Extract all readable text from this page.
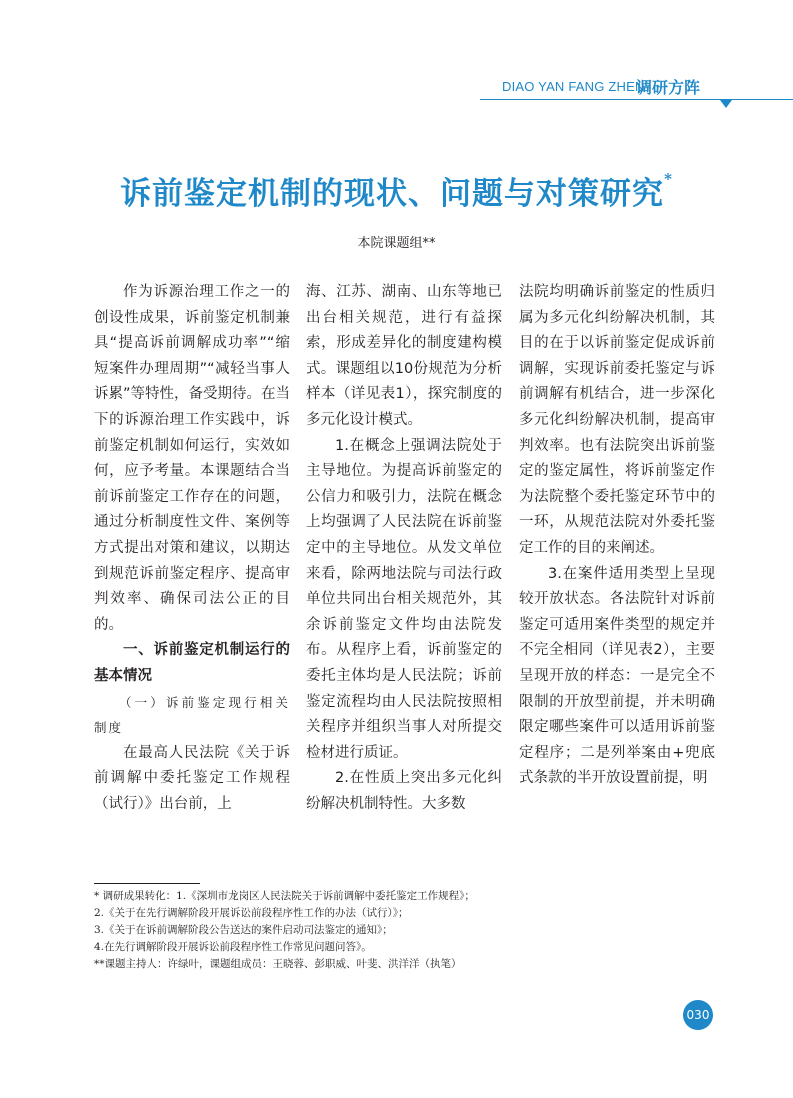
DIAO YAN FANG ZHEN
调研方阵
诉前鉴定机制的现状、问题与对策研究*
本院课题组**

作为诉源治理工作之一的创设性成果，诉前鉴定机制兼具“提高诉前调解成功率”“缩短案件办理周期”“减轻当事人诉累”等特性，备受期待。在当下的诉源治理工作实践中，诉前鉴定机制如何运行，实效如何，应予考量。本课题结合当前诉前鉴定工作存在的问题，通过分析制度性文件、案例等方式提出对策和建议，以期达到规范诉前鉴定程序、提高审判效率、确保司法公正的目的。

一、诉前鉴定机制运行的基本情况

（一）诉前鉴定现行相关制度

在最高人民法院《关于诉前调解中委托鉴定工作规程（试行）》出台前，上

海、江苏、湖南、山东等地已出台相关规范，进行有益探索，形成差异化的制度建构模式。课题组以10份规范为分析样本（详见表1），探究制度的多元化设计模式。

1.在概念上强调法院处于主导地位。为提高诉前鉴定的公信力和吸引力，法院在概念上均强调了人民法院在诉前鉴定中的主导地位。从发文单位来看，除两地法院与司法行政单位共同出台相关规范外，其余诉前鉴定文件均由法院发布。从程序上看，诉前鉴定的委托主体均是人民法院；诉前鉴定流程均由人民法院按照相关程序并组织当事人对所提交检材进行质证。

2.在性质上突出多元化纠纷解决机制特性。大多数

法院均明确诉前鉴定的性质归属为多元化纠纷解决机制，其目的在于以诉前鉴定促成诉前调解，实现诉前委托鉴定与诉前调解有机结合，进一步深化多元化纠纷解决机制，提高审判效率。也有法院突出诉前鉴定的鉴定属性，将诉前鉴定作为法院整个委托鉴定环节中的一环，从规范法院对外委托鉴定工作的目的来阐述。

3.在案件适用类型上呈现较开放状态。各法院针对诉前鉴定可适用案件类型的规定并不完全相同（详见表2），主要呈现开放的样态：一是完全不限制的开放型前提，并未明确限定哪些案件可以适用诉前鉴定程序；二是列举案由+兜底式条款的半开放设置前提，明

* 调研成果转化：1.《深圳市龙岗区人民法院关于诉前调解中委托鉴定工作规程》；
2.《关于在先行调解阶段开展诉讼前段程序性工作的办法（试行）》；
3.《关于在诉前调解阶段公告送达的案件启动司法鉴定的通知》；
4.在先行调解阶段开展诉讼前段程序性工作常见问题问答》。
**课题主持人：许绿叶，课题组成员：王晓蓉、彭职威、叶斐、洪洋洋（执笔）
030
